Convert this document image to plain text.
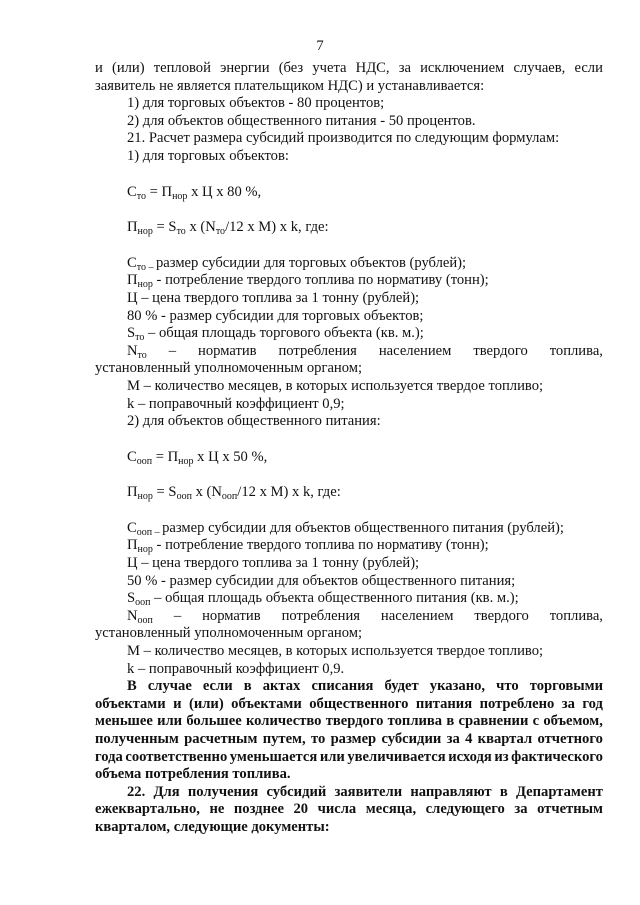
7
и (или) тепловой энергии (без учета НДС, за исключением случаев, если
заявитель не является плательщиком НДС) и устанавливается:
1) для торговых объектов - 80 процентов;
2) для объектов общественного питания - 50 процентов.
21. Расчет размера субсидий производится по следующим формулам:
1) для торговых объектов:
$С_{то} = П_{нор}$ х Ц х 80 %,
$П_{нор} = S_{то}$ х ($N_{то}/12$ х М) х k, где:
$С_{то -}$ размер субсидии для торговых объектов (рублей);
$П_{нор}$ - потребление твердого топлива по нормативу (тонн);
Ц – цена твердого топлива за 1 тонну (рублей);
80 % - размер субсидии для торговых объектов;
$S_{то}$ – общая площадь торгового объекта (кв. м.);
$N_{то}$ – норматив потребления населением твердого топлива,
установленный уполномоченным органом;
М – количество месяцев, в которых используется твердое топливо;
k – поправочный коэффициент 0,9;
2) для объектов общественного питания:
$С_{ооп} = П_{нор}$ х Ц х 50 %,
$П_{нор} = S_{ооп}$ х ($N_{ооп}/12$ х М) х k, где:
$С_{ооп -}$ размер субсидии для объектов общественного питания (рублей);
$П_{нор}$ - потребление твердого топлива по нормативу (тонн);
Ц – цена твердого топлива за 1 тонну (рублей);
50 % - размер субсидии для объектов общественного питания;
$S_{ооп}$ – общая площадь объекта общественного питания (кв. м.);
$N_{ооп}$ – норматив потребления населением твердого топлива,
установленный уполномоченным органом;
М – количество месяцев, в которых используется твердое топливо;
k – поправочный коэффициент 0,9.
В случае если в актах списания будет указано, что торговыми
объектами и (или) объектами общественного питания потреблено за год
меньшее или большее количество твердого топлива в сравнении с объемом,
полученным расчетным путем, то размер субсидии за 4 квартал отчетного
года соответственно уменьшается или увеличивается исходя из фактического
объема потребления топлива.
22. Для получения субсидий заявители направляют в Департамент
ежеквартально, не позднее 20 числа месяца, следующего за отчетным
кварталом, следующие документы:
